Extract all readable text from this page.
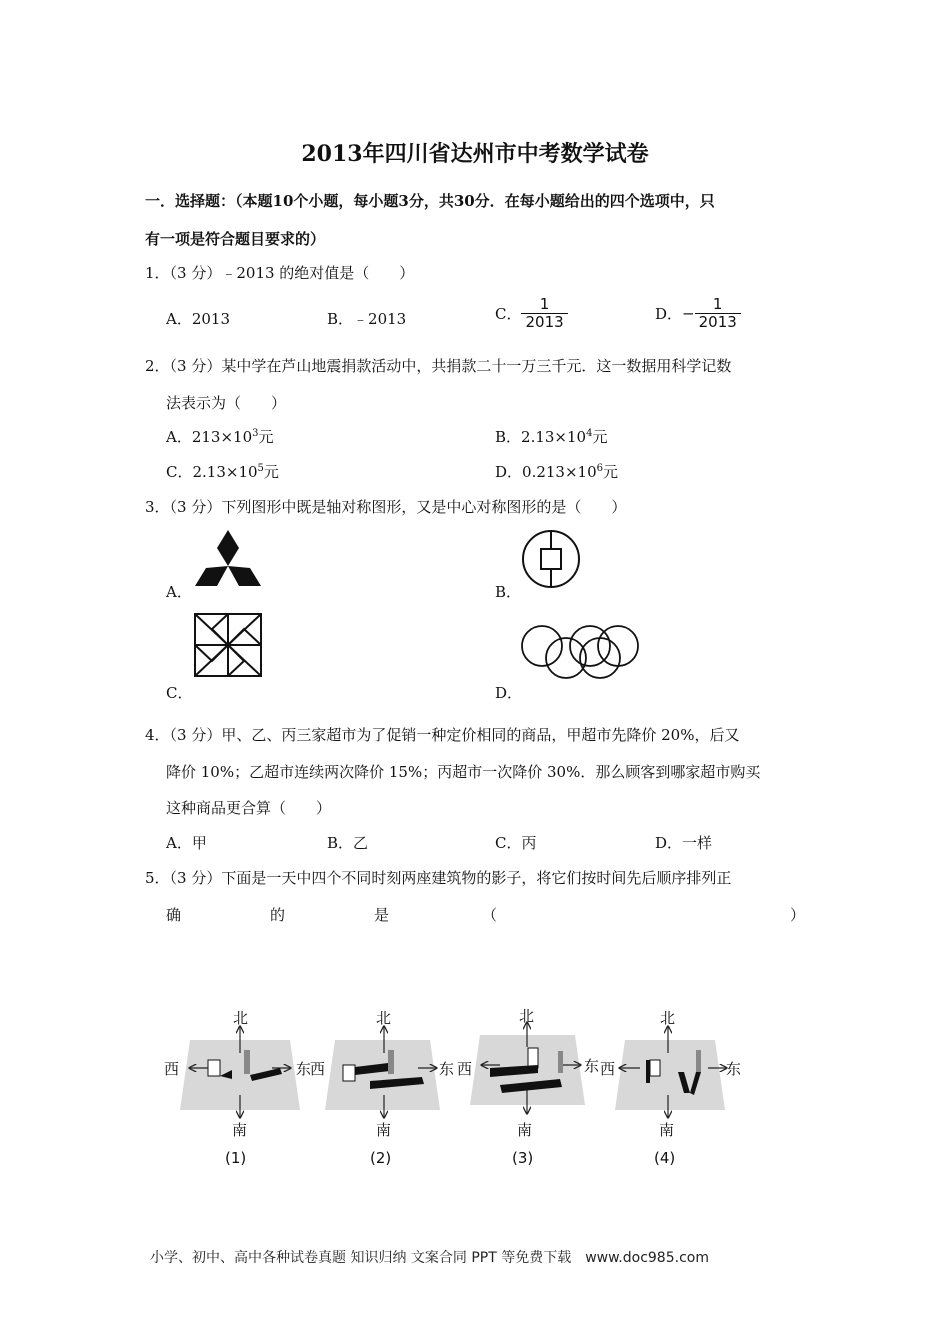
2013年四川省达州市中考数学试卷
一．选择题：（本题10个小题，每小题3分，共30分．在每小题给出的四个选项中，只
有一项是符合题目要求的）
1．（3 分）﹣2013 的绝对值是（　　）
A．2013	B．﹣2013	C． $\frac{1}{2013}$	D．− $\frac{1}{2013}$
2．（3 分）某中学在芦山地震捐款活动中，共捐款二十一万三千元．这一数据用科学记数
法表示为（　　）
A．$213\times 10^3$元	B．$2.13\times 10^4$元
C．$2.13\times 10^5$元	D．$0.213\times 10^6$元
3．（3 分）下列图形中既是轴对称图形，又是中心对称图形的是（　　）
A．	B．
C．	D．
4．（3 分）甲、乙、丙三家超市为了促销一种定价相同的商品，甲超市先降价 20%，后又
降价 10%；乙超市连续两次降价 15%；丙超市一次降价 30%．那么顾客到哪家超市购买
这种商品更合算（　　）
A．甲	B．乙	C．丙	D．一样
5．（3 分）下面是一天中四个不同时刻两座建筑物的影子，将它们按时间先后顺序排列正
确	的	是	（	）
北
南
西	东
(1)
北
南
西	东
(2)
北
南
西	东
(3)
北
南
西	东
(4)
小学、初中、高中各种试卷真题 知识归纳 文案合同 PPT 等免费下载　www.doc985.com
